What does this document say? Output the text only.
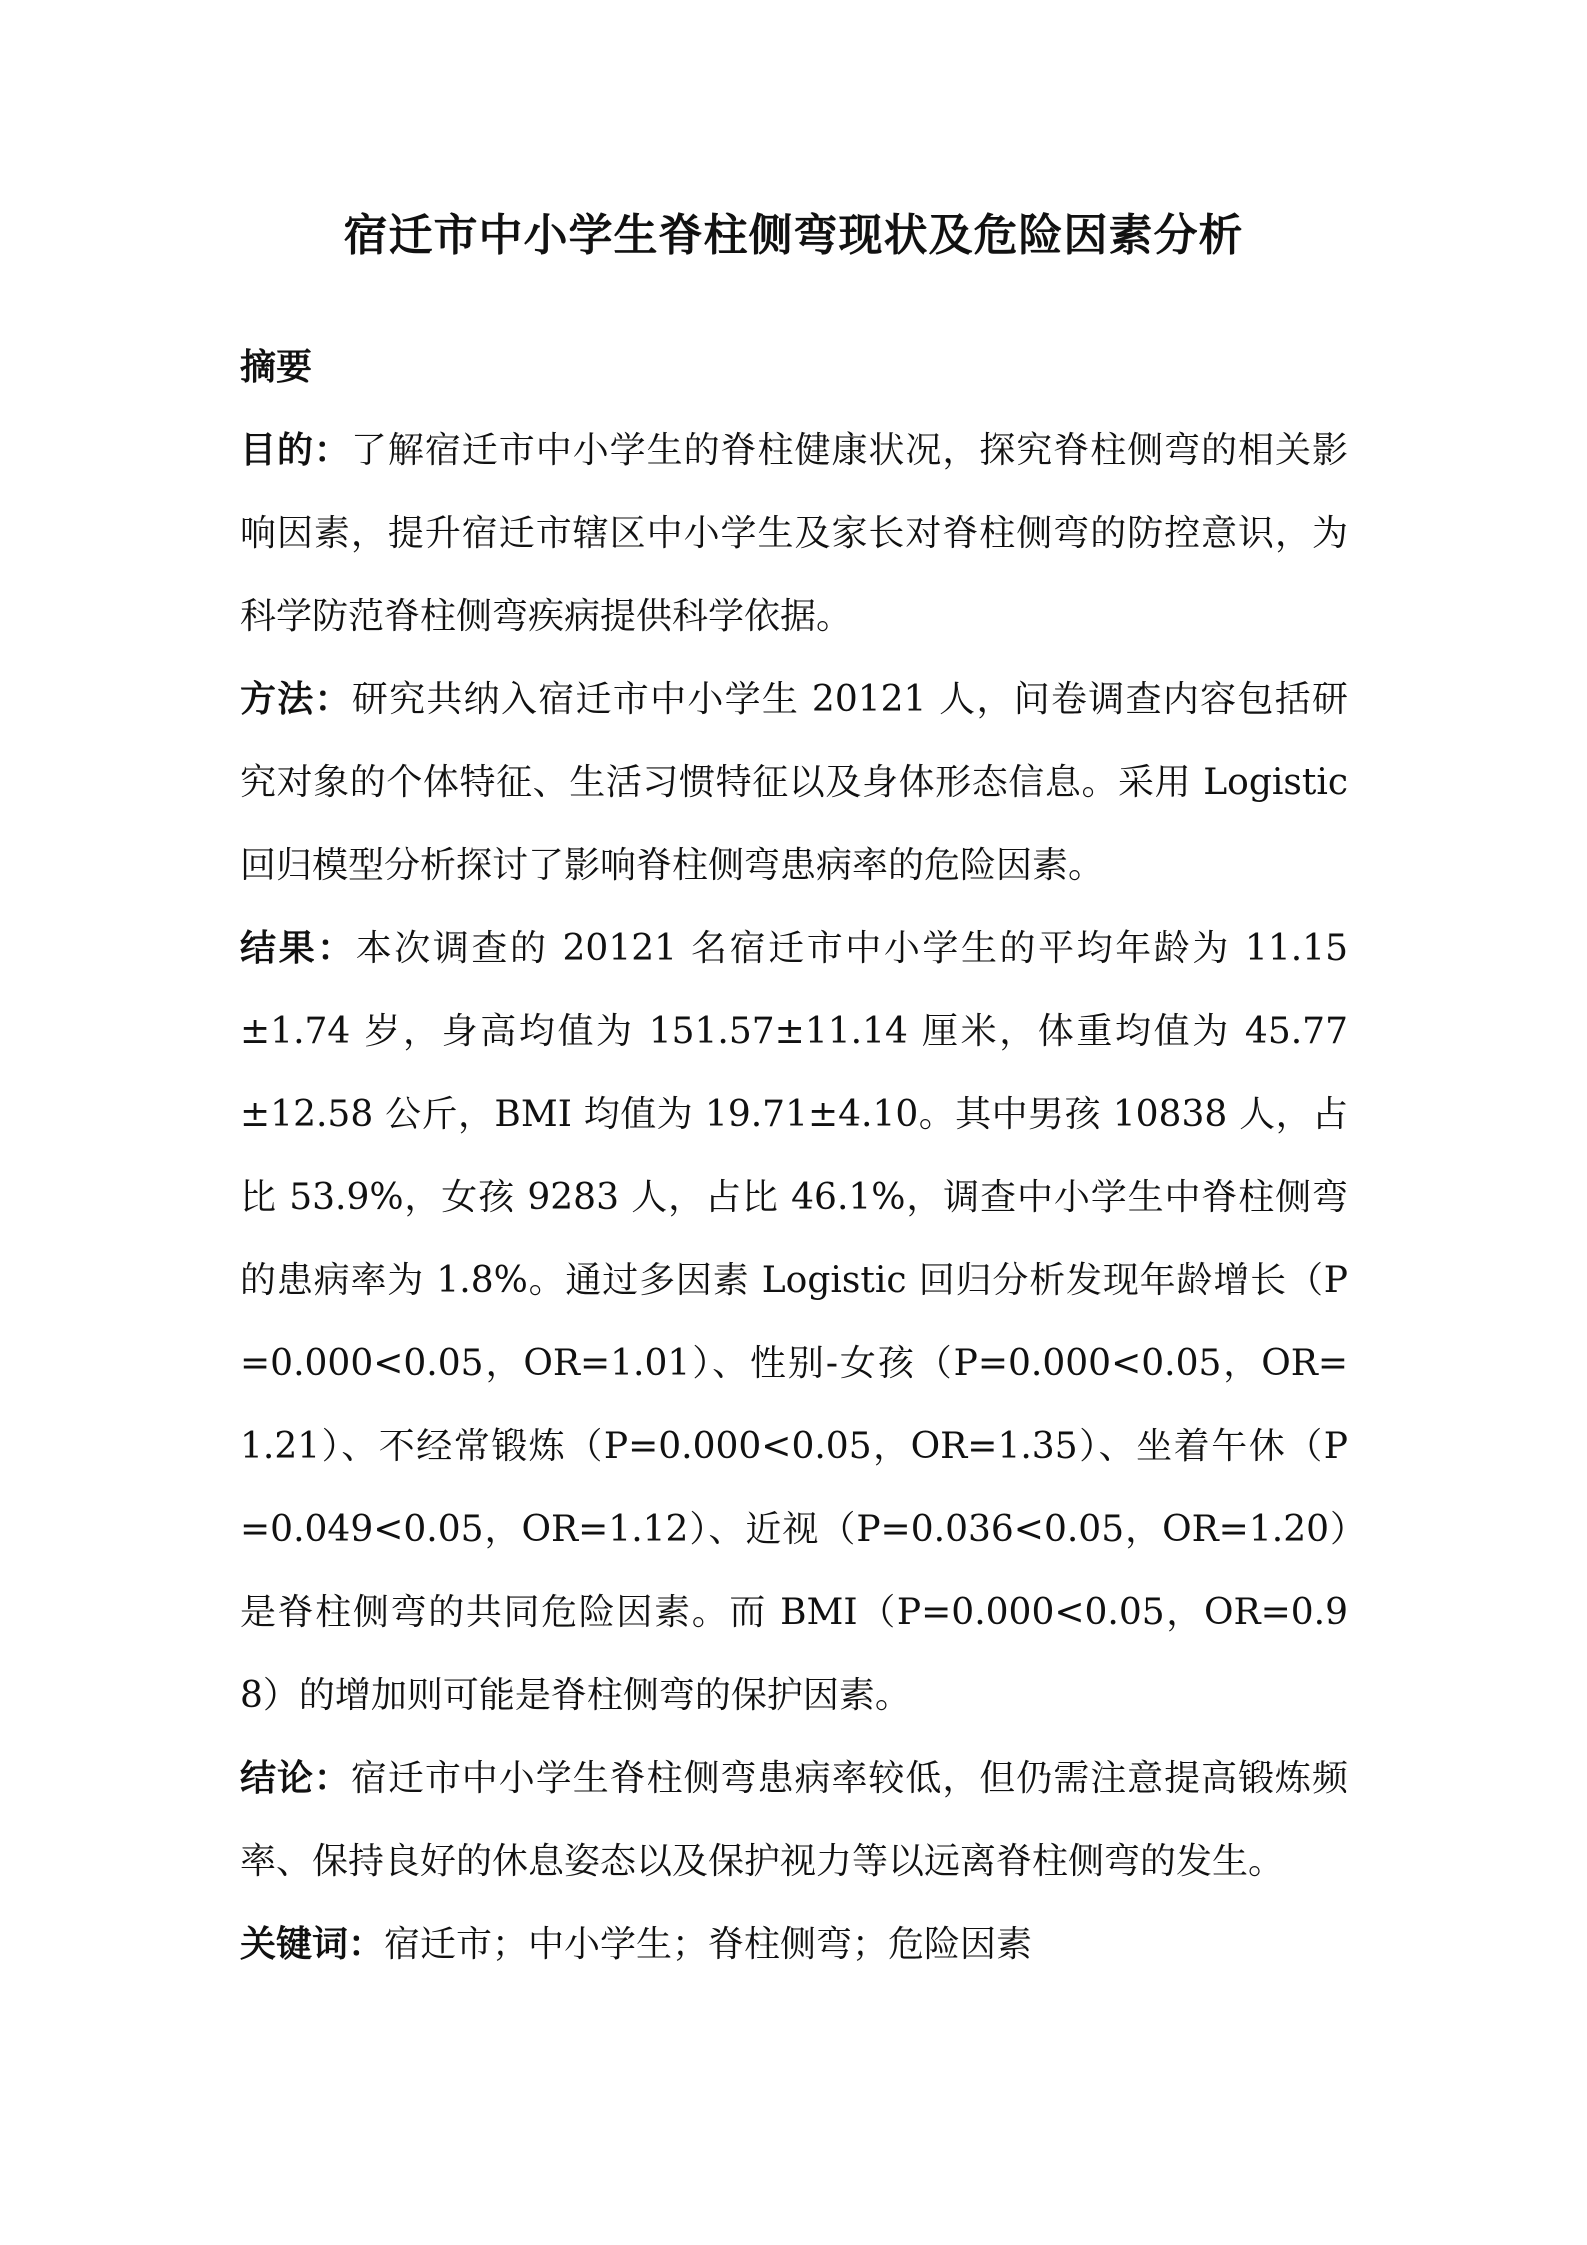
宿迁市中小学生脊柱侧弯现状及危险因素分析

摘要

目的：了解宿迁市中小学生的脊柱健康状况，探究脊柱侧弯的相关影响因素，提升宿迁市辖区中小学生及家长对脊柱侧弯的防控意识，为科学防范脊柱侧弯疾病提供科学依据。

方法：研究共纳入宿迁市中小学生 20121 人，问卷调查内容包括研究对象的个体特征、生活习惯特征以及身体形态信息。采用 Logistic 回归模型分析探讨了影响脊柱侧弯患病率的危险因素。

结果：本次调查的 20121 名宿迁市中小学生的平均年龄为 11.15±1.74 岁，身高均值为 151.57±11.14 厘米，体重均值为 45.77±12.58 公斤，BMI 均值为 19.71±4.10。其中男孩 10838 人，占比 53.9%，女孩 9283 人，占比 46.1%，调查中小学生中脊柱侧弯的患病率为 1.8%。通过多因素 Logistic 回归分析发现年龄增长（P=0.000<0.05，OR=1.01）、性别-女孩（P=0.000<0.05，OR=1.21）、不经常锻炼（P=0.000<0.05，OR=1.35）、坐着午休（P=0.049<0.05，OR=1.12）、近视（P=0.036<0.05，OR=1.20）是脊柱侧弯的共同危险因素。而 BMI（P=0.000<0.05，OR=0.98）的增加则可能是脊柱侧弯的保护因素。

结论：宿迁市中小学生脊柱侧弯患病率较低，但仍需注意提高锻炼频率、保持良好的休息姿态以及保护视力等以远离脊柱侧弯的发生。

关键词：宿迁市；中小学生；脊柱侧弯；危险因素
